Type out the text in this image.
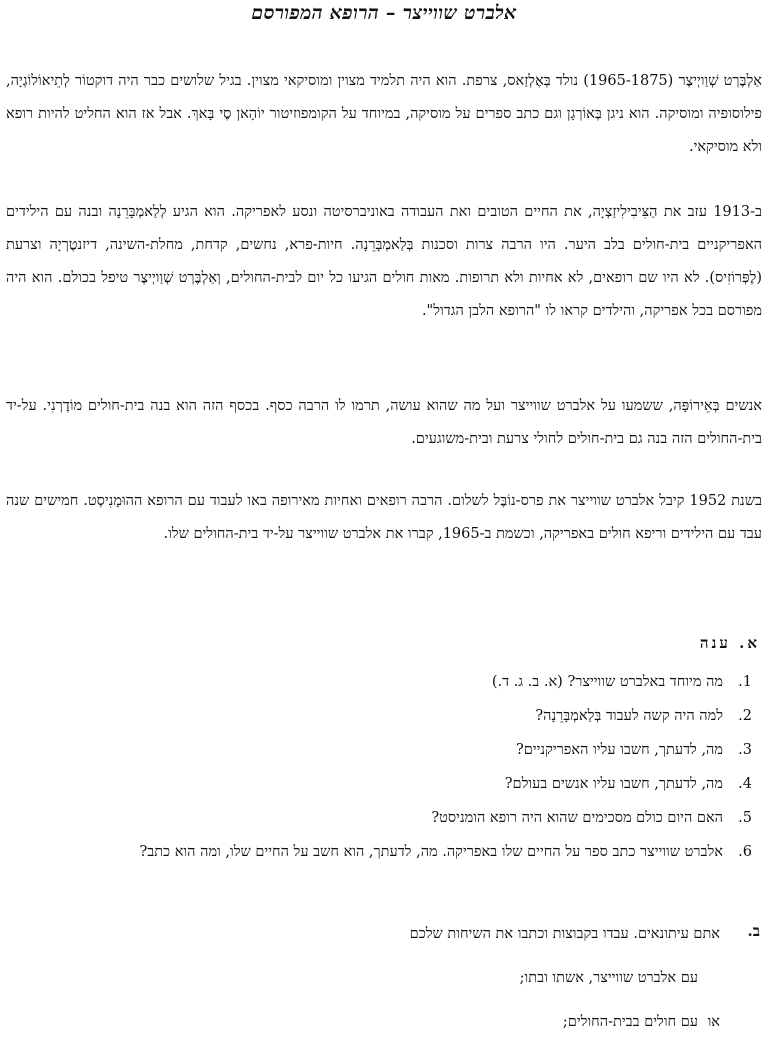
אלברט שווייצר – הרופא המפורסם

אַלְבֶּרְט שְׁוַויְיצֶר (1965-1875) נולד בְּאֶלְזַאס, צרפת. הוא היה תלמיד מצוין ומוסיקאי מצוין. בגיל שלושים כבר היה דוקטוֹר לְתֵיאוֹלוֹגְיָה, פילוסופיה ומוסיקה. הוא ניגן בְּאוֹרְגָן וגם כתב ספרים על מוסיקה, במיוחד על הקומפוזיטור יוֹהָאן סֶי בָּאךְ. אבל אז הוא החליט להיות רופא ולא מוסיקאי.

ב-1913 עזב את הַצִּיבִילִיזַצְיָה, את החיים הטובים ואת העבודה באוניברסיטה ונסע לאפריקה. הוא הגיע לְלַאמְבָּרֵנָה ובנה עם הילידים האפריקניים בית-חולים בלב היער. היו הרבה צרות וסכנות בְּלַאמְבָּרֵנָה. חיות-פרא, נחשים, קדחת, מחלת-השינה, דיזנטֶרְיָה וצרעת (לֶפְּרוֹזִיס). לא היו שם רופאים, לא אחיות ולא תרופות. מאות חולים הגיעו כל יום לבית-החולים, וְאַלְבֶּרְט שְׁוַויְיצֶר טיפל בכולם. הוא היה מפורסם בכל אפריקה, והילדים קראו לו "הרופא הלבן הגדול".

אנשים בְּאֵירוֹפָּה, ששמעו על אלברט שווייצר ועל מה שהוא עושה, תרמו לו הרבה כסף. בכסף הזה הוא בנה בית-חולים מוֹדֶרְנִי. על-יד בית-החולים הזה בנה גם בית-חולים לחולי צרעת ובית-משוגעים.

בשנת 1952 קיבל אלברט שווייצר את פרס-נוֹבֶּל לשלום. הרבה רופאים ואחיות מאירופה באו לעבוד עם הרופא ההוּמָנִיסְט. חמישים שנה עבד עם הילידים וריפא חולים באפריקה, וכשמת ב-1965, קברו את אלברט שווייצר על-יד בית-החולים שלו.

א. ענה
1.
מה מיוחד באלברט שווייצר? (א. ב. ג. ד.)
2.
למה היה קשה לעבוד בְּלַאמְבָּרֵנָה?
3.
מה, לדעתך, חשבו עליו האפריקניים?
4.
מה, לדעתך, חשבו עליו אנשים בעולם?
5.
האם היום כולם מסכימים שהוא היה רופא הומניסט?
6.
אלברט שווייצר כתב ספר על החיים שלו באפריקה. מה, לדעתך, הוא חשב על החיים שלו, ומה הוא כתב?
ב.
אתם עיתונאים. עבדו בקבוצות וכתבו את השיחות שלכם
עם אלברט שווייצר, אשתו ובתו;
או
עם חולים בבית-החולים;
